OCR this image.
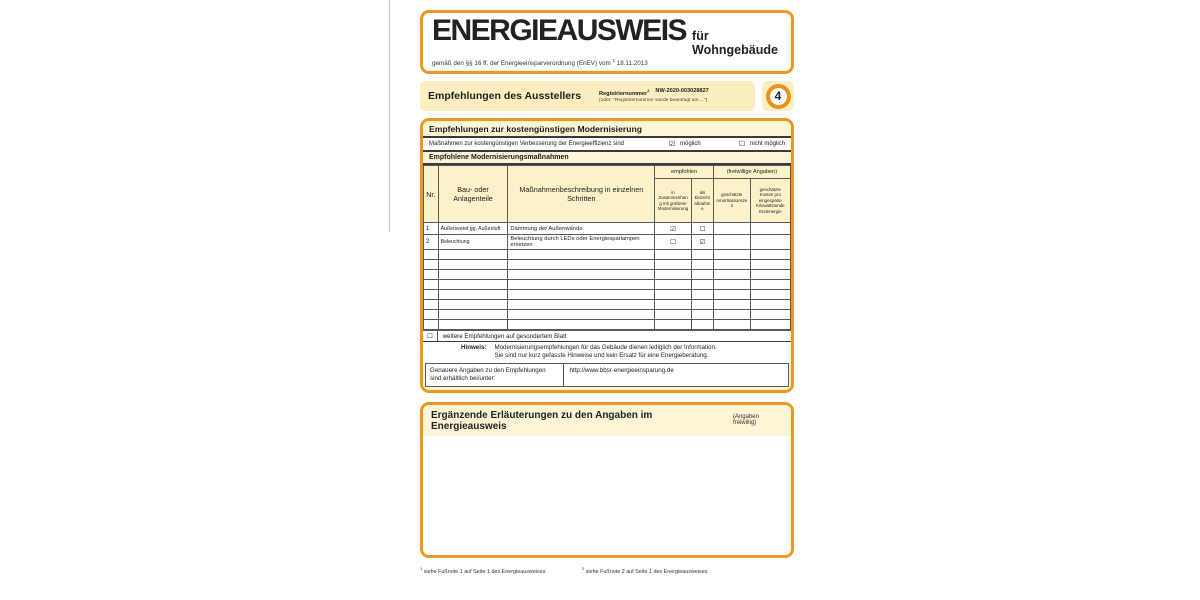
ENERGIEAUSWEIS für Wohngebäude
gemäß den §§ 16 ff. der Energieeinsparverordnung (EnEV) vom $^1$ 18.11.2013
Empfehlungen des Ausstellers	Registriernummer$^2$ NW-2020-003028827
(oder: "Registriernummer wurde beantragt am ...")	4
Empfehlungen zur kostengünstigen Modernisierung
Maßnahmen zur kostengünstigen Verbesserung der Energieeffizienz sind	☑ möglich	☐ nicht möglich
Empfohlene Modernisierungsmaßnahmen
Nr.	Bau- oder Anlagenteile	Maßnahmenbeschreibung in einzelnen Schritten	empfohlen		(freiwillige Angaben)	
			in Zusammenhang mit größerer Modernisierung	als Einzelmaßnahme	geschätzte Amortisationszeit	geschätzte Kosten pro eingesparte Kilowattstunde Endenergie
1	Außenwand gg. Außenluft	Dämmung der Außenwände	☑	☐		
2	Beleuchtung	Beleuchtung durch LEDs oder Energiesparlampen ersetzen	☐	☑		

☐	weitere Empfehlungen auf gesondertem Blatt
Hinweis: Modernisierungsempfehlungen für das Gebäude dienen lediglich der Information.
Sie sind nur kurz gefasste Hinweise und kein Ersatz für eine Energieberatung.
Genauere Angaben zu den Empfehlungen sind erhältlich bei/unter:
http://www.bbsr-energieeinsparung.de
Ergänzende Erläuterungen zu den Angaben im Energieausweis
(Angaben freiwillig)
$^1$ siehe Fußnote 1 auf Seite 1 des Energieausweises
$^2$ siehe Fußnote 2 auf Seite 1 des Energieausweises
